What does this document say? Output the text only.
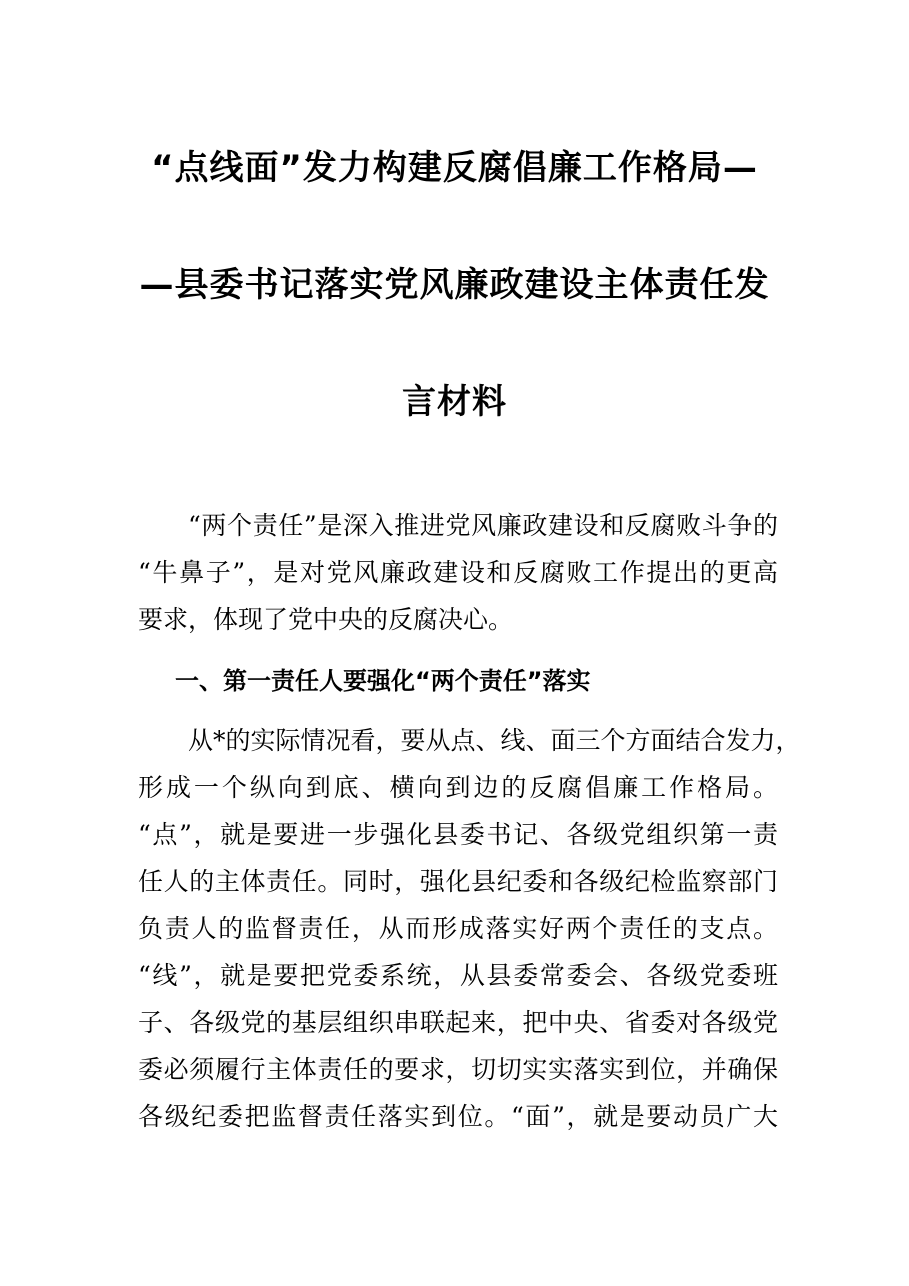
“点线面”发力构建反腐倡廉工作格局—
—县委书记落实党风廉政建设主体责任发
言材料
“两个责任”是深入推进党风廉政建设和反腐败斗争的
“牛鼻子”，是对党风廉政建设和反腐败工作提出的更高
要求，体现了党中央的反腐决心。
一、第一责任人要强化“两个责任”落实
从*的实际情况看，要从点、线、面三个方面结合发力，
形成一个纵向到底、横向到边的反腐倡廉工作格局。
“点”，就是要进一步强化县委书记、各级党组织第一责
任人的主体责任。同时，强化县纪委和各级纪检监察部门
负责人的监督责任，从而形成落实好两个责任的支点。
“线”，就是要把党委系统，从县委常委会、各级党委班
子、各级党的基层组织串联起来，把中央、省委对各级党
委必须履行主体责任的要求，切切实实落实到位，并确保
各级纪委把监督责任落实到位。“面”，就是要动员广大
